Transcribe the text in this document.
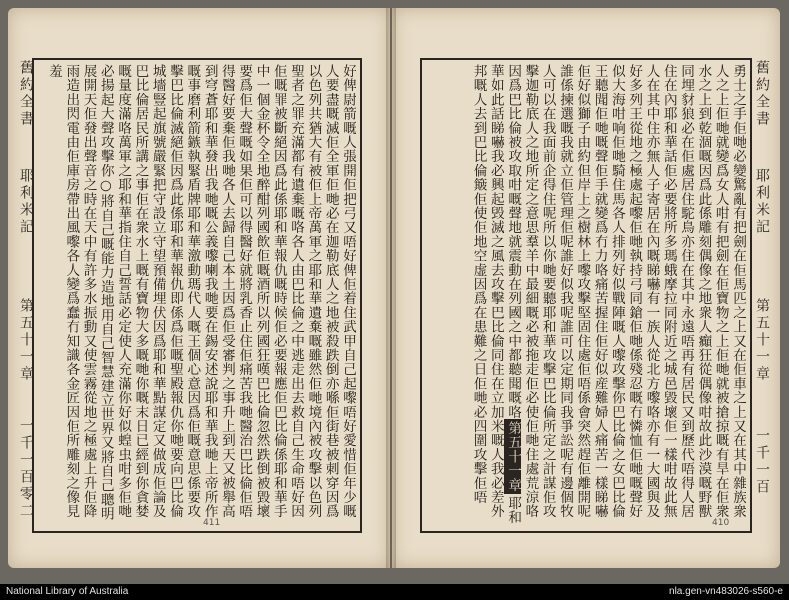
舊約全書
耶利米記
第五十一章
一千一百零二	好俾尉箭嘅人張開佢把弓又唔好俾佢着住武甲自己起嚟唔好愛惜佢年少嘅人要盡嘅滅佢全軍佢哋必在迦勒底人之地被殺跌倒亦喺佢街巷被刺穿因爲以色列共猶大有被佢上帝萬軍之耶和華遺棄嘅雖然佢哋境內被攻擊以色列聖者之罪充滿都有遺棄嘅咯各人由巴比倫之中逃走出去救自己生命唔好因佢嘅罪被斷絕因爲此係耶和華報仇嘅時候佢必要報應佢巴比倫係耶和華手中一個金杯令全地醉酣列國飲佢嘅酒所以列國狂嘆巴比倫忽然跌倒被毀壞要爲佢大聲嘅如果佢可以得醫好就將乳香止住佢痛苦我哋醫治巴比倫佢唔得醫好要棄佢我哋各人去歸自己本土因爲佢受審判之事升上到天又被舉高到穹蒼耶和華發出我哋嘅公義嚟喇我哋要在錫安述說耶和華我哋上帝所作嘅事磨利箭鏃執緊盾牌耶和華激動瑪代人嘅王個心意因爲佢嘅意思係要攻擊巴比倫滅絕佢因爲此係耶和華報仇即係爲佢嘅聖殿報仇你哋要向巴比倫城墻豎起旗號嚴緊把守設立守望預備埋伏因爲耶和華點謀定又做成佢論及巴比倫居民所講之事佢在衆水上嘅有寶物大多嘅哋你嘅末日已經到你貪婪嘅量度滿咯萬軍之耶和華指住自己誓話必定使人充滿你好似蝗虫咁多佢哋必揚起大聲攻擊你○將自己嘅能力造地用自己智慧建立世界又將自己聰明展開天佢發出聲音之時在天中有許多水振動又使雲霧從地之極處上升佢降雨造出閃電由佢庫房帶出風嚟各人變爲蠢冇知識各金匠因佢所雕刻之像見羞

411

勇士之手佢哋必變驚亂有把劍在佢馬匹之上又在佢車之上又在其中雜族衆人之上佢哋就變爲女人咁有把劍在佢寶物之上佢哋就被搶掠嘅有旱在佢衆水之上到乾涸嘅因爲此係雕刻偶像之地衆人癲狂從偶像咁故此沙漠嘅野獸同埋豺狼必在佢處居住駝鳥亦住在其中永遠唔再有居民又到歷代唔得人居住在內耶和華話佢必要將所多瑪蛾摩拉同附近之城邑毀壞佢一樣咁故此無人在其中住亦無人子寄居在內嘅睇嚇有一族人從北方嚟咯亦有一大國與及好多列王從地之極處起嚟佢哋執持弓同鎗佢哋係殘忍嘅冇憐恤佢哋嘅聲好似大海咁响佢哋騎住馬各人排列好似戰陣嘅人嚟攻擊你巴比倫之女巴比倫王聽聞佢哋嘅聲佢手就變爲冇力咯痛苦握住佢好似産難婦人痛苦一樣睇嚇佢好似獅子由約但岸上之樹林上嚟攻擊堅固住處佢唔係會突然趕佢離開呢誰係揀選嘅我就立佢管理佢呢誰好似我呢誰可以定期同我爭訟呢有邊個牧人可以在我面前企得住呢所以你哋要聽耶和華攻擊巴比倫所定之計謀佢攻擊迦勒底人之地所定之意思羣羊中最細嘅必被拖走佢必使佢哋住處荒涼咯因爲巴比倫被攻取咁嘅聲地就震動在列國之中都聽聞嘅咯第五十一章耶和華如此話睇嚇我必興起毁滅之風去攻擊巴比倫同住在立加米嘅人我必差外邦嘅人去到巴比倫簸佢使佢地空虚因爲在患難之日佢哋必四圍攻擊佢唔	舊約全書
耶利米記
第五十一章
一千一百
410
National Library of Australia	nla.gen-vn483026-s560-e
